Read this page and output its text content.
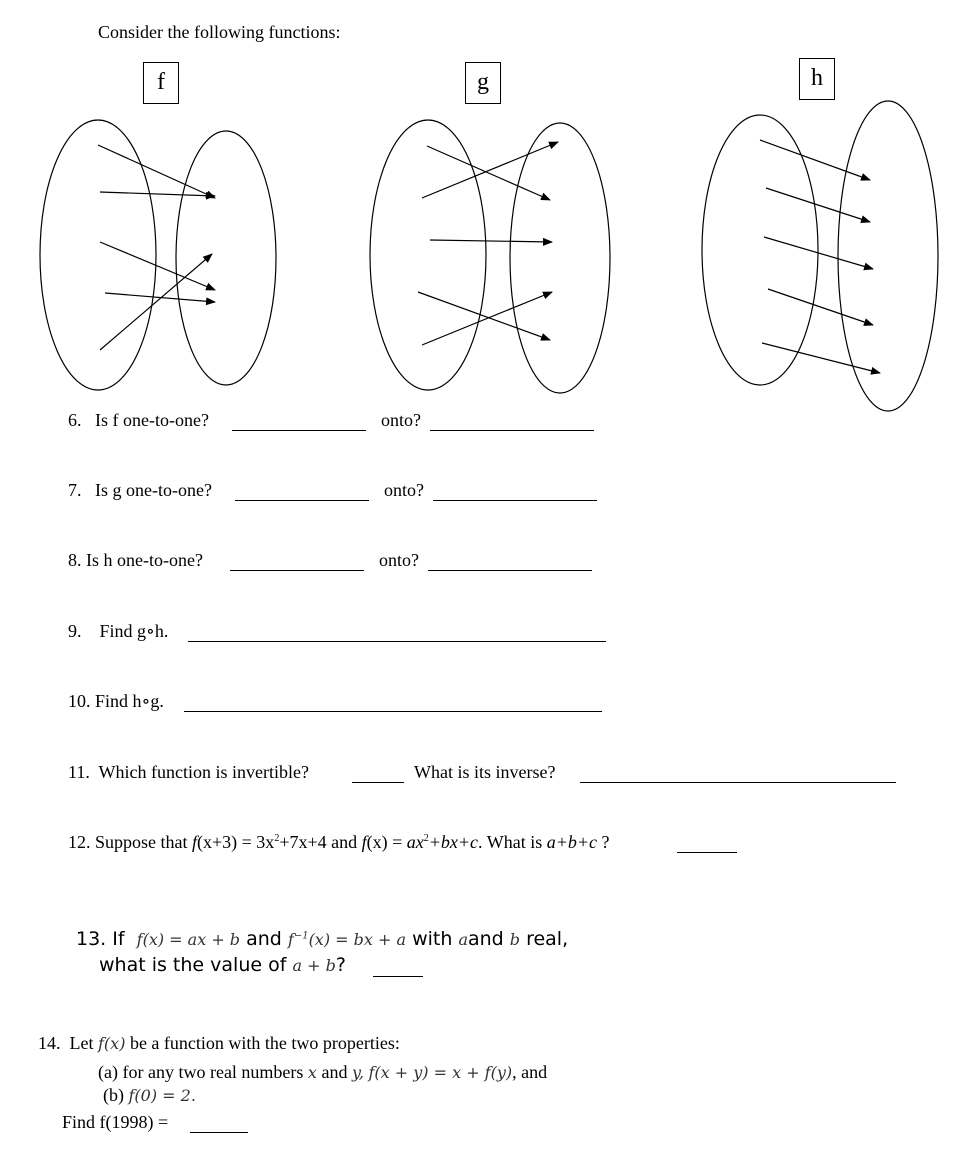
Consider the following functions:
f	g	h
6. Is f one-to-one?	onto?
7. Is g one-to-one?	onto?
8. Is h one-to-one?	onto?
9. Find g∘h.
10. Find h∘g.
11. Which function is invertible?	What is its inverse?
12. Suppose that $f(x+3) = 3x^2+7x+4$ and $f(x) = ax^2+bx+c$. What is a+b+c ?
13. If f(x) = ax + b and $f^{-1}(x)$ = bx + a with aand b real,
what is the value of a + b?
14. Let f(x) be a function with the two properties:
(a) for any two real numbers x and y, f(x + y) = x + f(y), and
(b) f(0) = 2.
Find f(1998) =
